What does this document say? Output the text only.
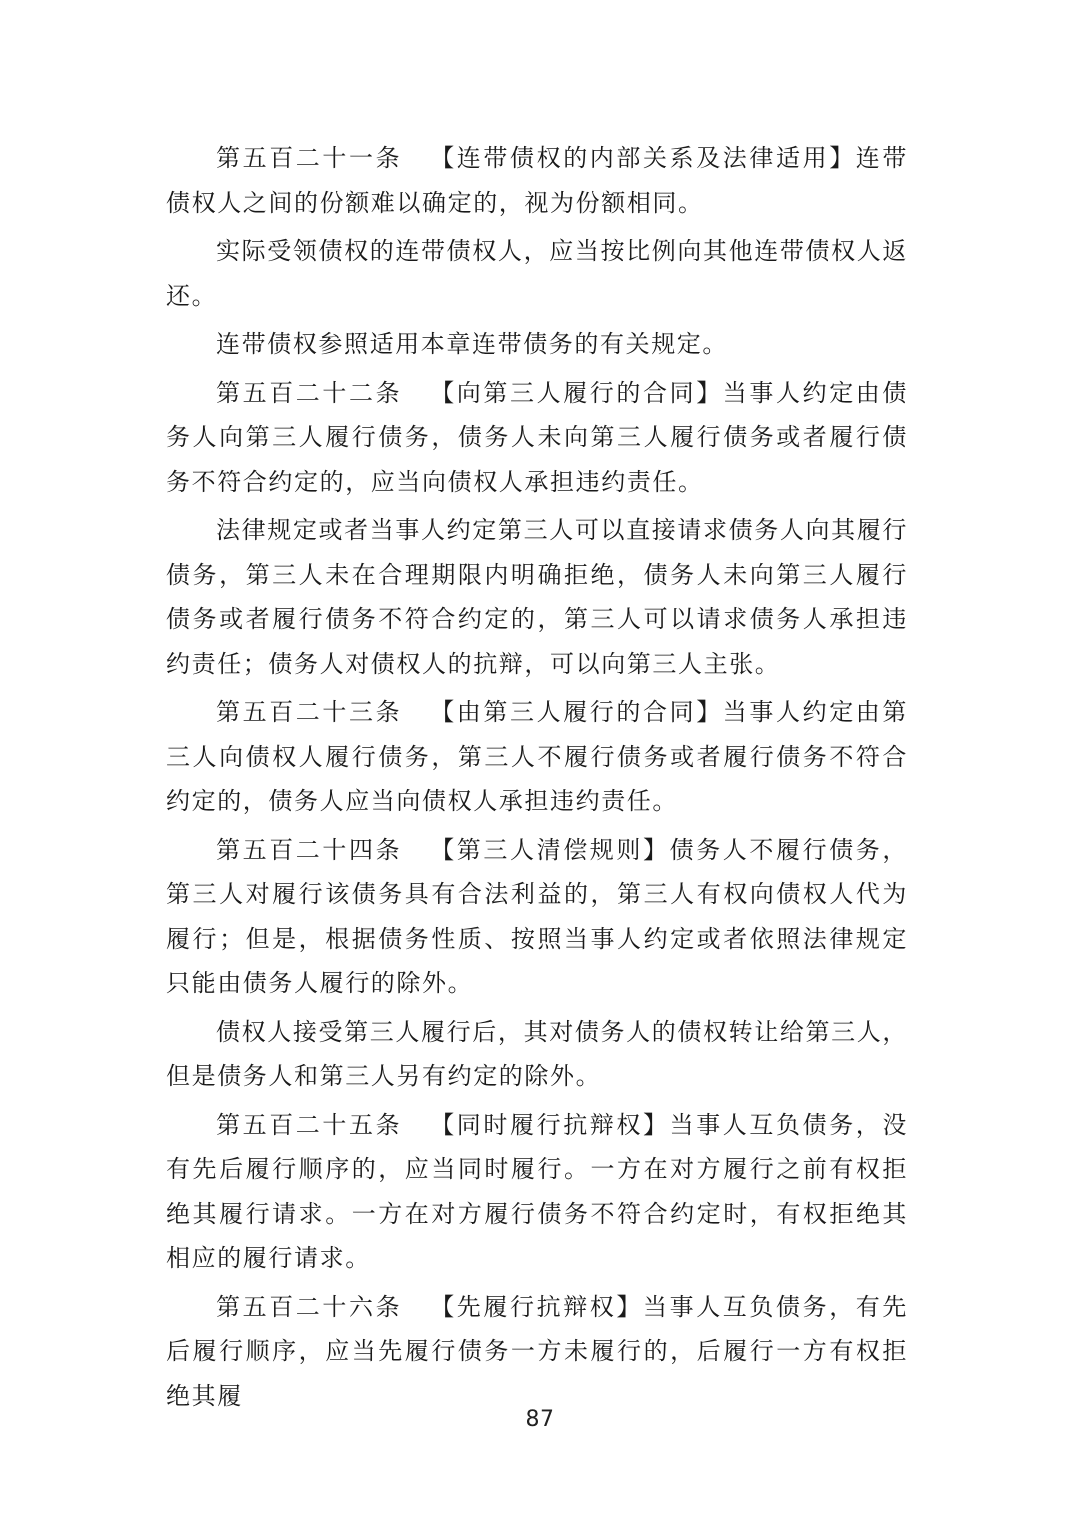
第五百二十一条 【连带债权的内部关系及法律适用】连带债权人之间的份额难以确定的，视为份额相同。

实际受领债权的连带债权人，应当按比例向其他连带债权人返还。

连带债权参照适用本章连带债务的有关规定。

第五百二十二条 【向第三人履行的合同】当事人约定由债务人向第三人履行债务，债务人未向第三人履行债务或者履行债务不符合约定的，应当向债权人承担违约责任。

法律规定或者当事人约定第三人可以直接请求债务人向其履行债务，第三人未在合理期限内明确拒绝，债务人未向第三人履行债务或者履行债务不符合约定的，第三人可以请求债务人承担违约责任；债务人对债权人的抗辩，可以向第三人主张。

第五百二十三条 【由第三人履行的合同】当事人约定由第三人向债权人履行债务，第三人不履行债务或者履行债务不符合约定的，债务人应当向债权人承担违约责任。

第五百二十四条 【第三人清偿规则】债务人不履行债务，第三人对履行该债务具有合法利益的，第三人有权向债权人代为履行；但是，根据债务性质、按照当事人约定或者依照法律规定只能由债务人履行的除外。

债权人接受第三人履行后，其对债务人的债权转让给第三人，但是债务人和第三人另有约定的除外。

第五百二十五条 【同时履行抗辩权】当事人互负债务，没有先后履行顺序的，应当同时履行。一方在对方履行之前有权拒绝其履行请求。一方在对方履行债务不符合约定时，有权拒绝其相应的履行请求。

第五百二十六条 【先履行抗辩权】当事人互负债务，有先后履行顺序，应当先履行债务一方未履行的，后履行一方有权拒绝其履

87
